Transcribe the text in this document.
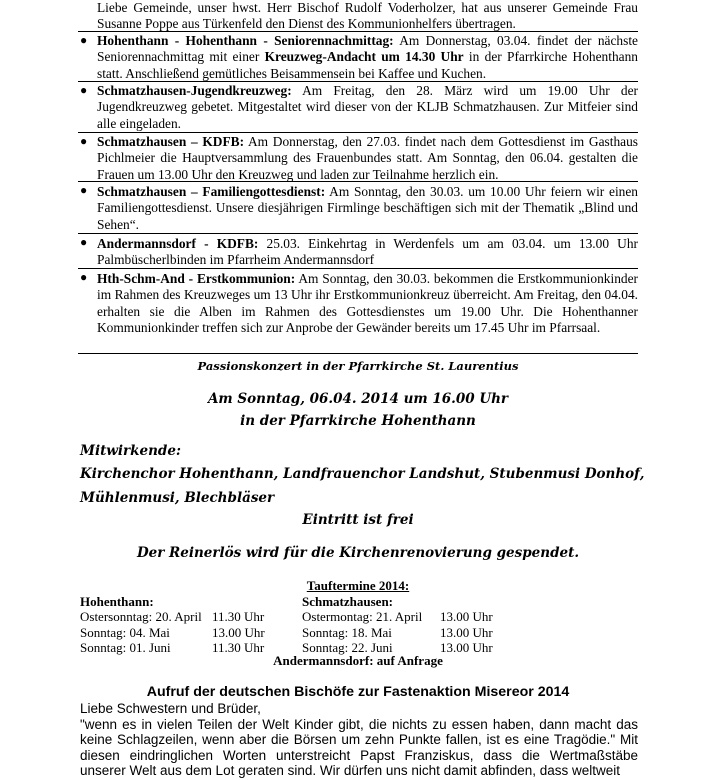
Liebe Gemeinde, unser hwst. Herr Bischof Rudolf Voderholzer, hat aus unserer Gemeinde Frau Susanne Poppe aus Türkenfeld den Dienst des Kommunionhelfers übertragen.
● Hohenthann - Hohenthann - Seniorennachmittag: Am Donnerstag, 03.04. findet der nächste Seniorennachmittag mit einer Kreuzweg-Andacht um 14.30 Uhr in der Pfarrkirche Hohenthann statt. Anschließend gemütliches Beisammensein bei Kaffee und Kuchen.
● Schmatzhausen-Jugendkreuzweg: Am Freitag, den 28. März wird um 19.00 Uhr der Jugendkreuzweg gebetet. Mitgestaltet wird dieser von der KLJB Schmatzhausen. Zur Mitfeier sind alle eingeladen.
● Schmatzhausen – KDFB: Am Donnerstag, den 27.03. findet nach dem Gottesdienst im Gasthaus Pichlmeier die Hauptversammlung des Frauenbundes statt. Am Sonntag, den 06.04. gestalten die Frauen um 13.00 Uhr den Kreuzweg und laden zur Teilnahme herzlich ein.
● Schmatzhausen – Familiengottesdienst: Am Sonntag, den 30.03. um 10.00 Uhr feiern wir einen Familiengottesdienst. Unsere diesjährigen Firmlinge beschäftigen sich mit der Thematik „Blind und Sehen“.
● Andermannsdorf - KDFB: 25.03. Einkehrtag in Werdenfels um am 03.04. um 13.00 Uhr Palmbüscherlbinden im Pfarrheim Andermannsdorf
● Hth-Schm-And - Erstkommunion: Am Sonntag, den 30.03. bekommen die Erstkommunionkinder im Rahmen des Kreuzweges um 13 Uhr ihr Erstkommunionkreuz überreicht. Am Freitag, den 04.04. erhalten sie die Alben im Rahmen des Gottesdienstes um 19.00 Uhr. Die Hohenthanner Kommunionkinder treffen sich zur Anprobe der Gewänder bereits um 17.45 Uhr im Pfarrsaal.
Passionskonzert in der Pfarrkirche St. Laurentius
Am Sonntag, 06.04. 2014 um 16.00 Uhr
in der Pfarrkirche Hohenthann
Mitwirkende:
Kirchenchor Hohenthann, Landfrauenchor Landshut, Stubenmusi Donhof,
Mühlenmusi, Blechbläser
Eintritt ist frei
Der Reinerlös wird für die Kirchenrenovierung gespendet.
Tauftermine 2014:
Hohenthann:
Ostersonntag: 20. April 11.30 Uhr
Sonntag: 04. Mai	13.00 Uhr
Sonntag: 01. Juni	11.30 Uhr
Schmatzhausen:
Ostermontag: 21. April 13.00 Uhr
Sonntag: 18. Mai	13.00 Uhr
Sonntag: 22. Juni	13.00 Uhr
Andermannsdorf: auf Anfrage
Aufruf der deutschen Bischöfe zur Fastenaktion Misereor 2014

Liebe Schwestern und Brüder,

"wenn es in vielen Teilen der Welt Kinder gibt, die nichts zu essen haben, dann macht das keine Schlagzeilen, wenn aber die Börsen um zehn Punkte fallen, ist es eine Tragödie." Mit diesen eindringlichen Worten unterstreicht Papst Franziskus, dass die Wertmaßstäbe unserer Welt aus dem Lot geraten sind. Wir dürfen uns nicht damit abfinden, dass weltweit
